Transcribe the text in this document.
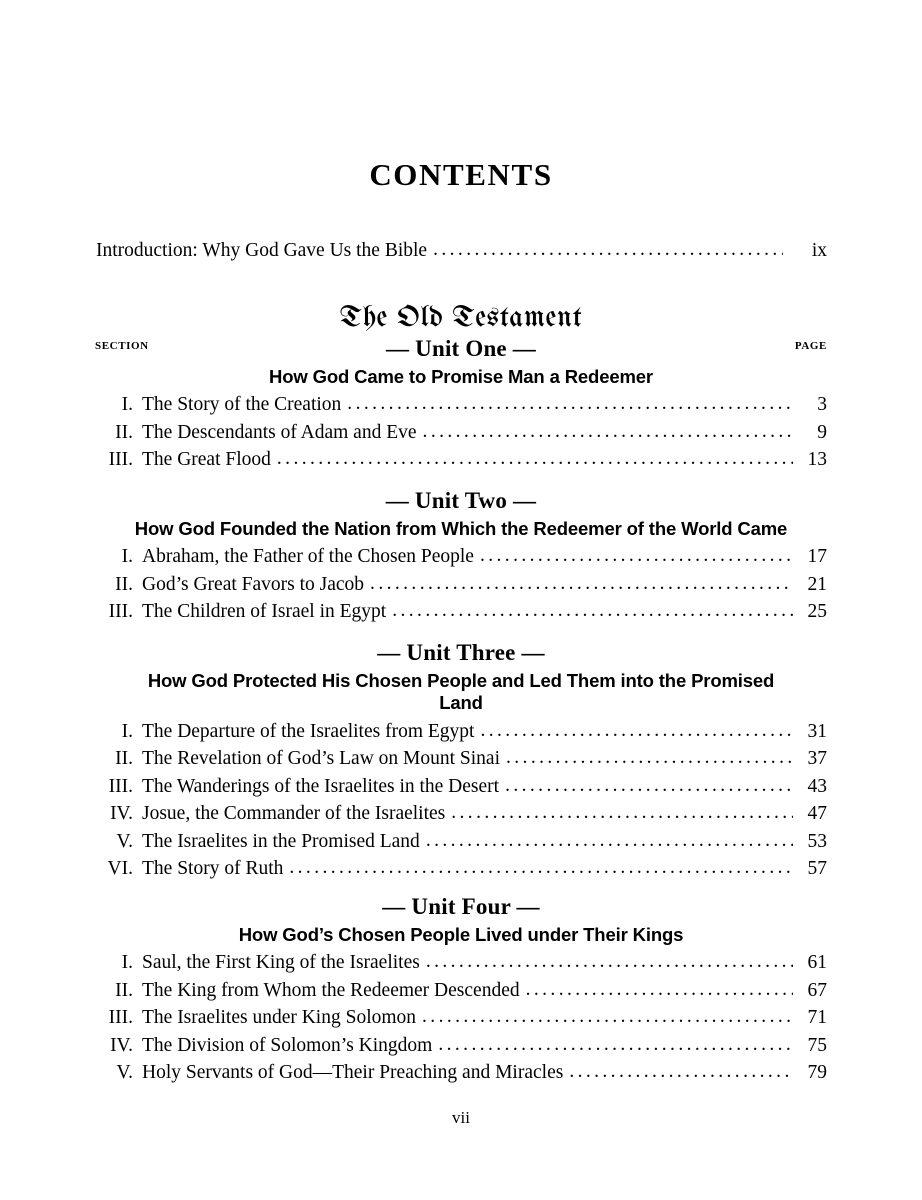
CONTENTS
Introduction: Why God Gave Us the Bible .....	ix
The Old Testament
SECTION	PAGE
— Unit One —
How God Came to Promise Man a Redeemer
I. The Story of the Creation .....	3
II. The Descendants of Adam and Eve .....	9
III. The Great Flood .....	13
— Unit Two —
How God Founded the Nation from Which the Redeemer of the World Came
I. Abraham, the Father of the Chosen People .....	17
II. God’s Great Favors to Jacob .....	21
III. The Children of Israel in Egypt .....	25
— Unit Three —
How God Protected His Chosen People and Led Them into the Promised Land
I. The Departure of the Israelites from Egypt .....	31
II. The Revelation of God’s Law on Mount Sinai .....	37
III. The Wanderings of the Israelites in the Desert .....	43
IV. Josue, the Commander of the Israelites .....	47
V. The Israelites in the Promised Land .....	53
VI. The Story of Ruth .....	57
— Unit Four —
How God’s Chosen People Lived under Their Kings
I. Saul, the First King of the Israelites .....	61
II. The King from Whom the Redeemer Descended .....	67
III. The Israelites under King Solomon .....	71
IV. The Division of Solomon’s Kingdom .....	75
V. Holy Servants of God—Their Preaching and Miracles .....	79
vii
